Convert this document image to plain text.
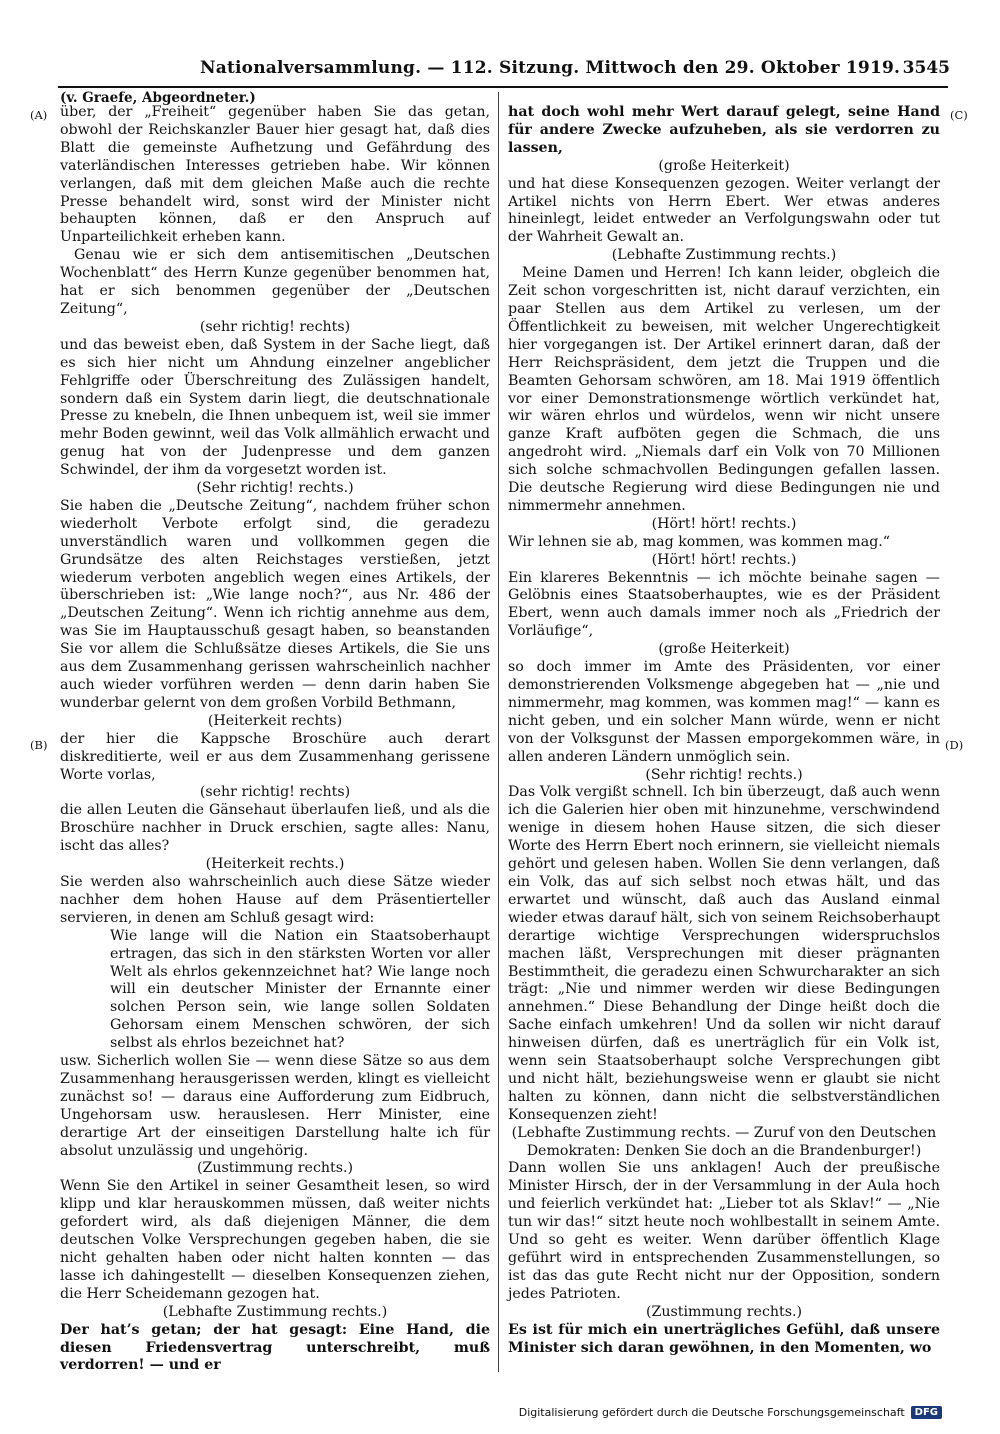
Nationalversammlung. — 112. Sitzung. Mittwoch den 29. Oktober 1919. 3545
(v. Graefe, Abgeordneter.)
(A)
(B)
(C)
(D)

über, der „Freiheit“ gegenüber haben Sie das getan, obwohl der Reichskanzler Bauer hier gesagt hat, daß dies Blatt die gemeinste Aufhetzung und Gefährdung des vaterländischen Interesses getrieben habe. Wir können verlangen, daß mit dem gleichen Maße auch die rechte Presse behandelt wird, sonst wird der Minister nicht behaupten können, daß er den Anspruch auf Unparteilichkeit erheben kann.

Genau wie er sich dem antisemitischen „Deutschen Wochenblatt“ des Herrn Kunze gegenüber benommen hat, hat er sich benommen gegenüber der „Deutschen Zeitung“,

(sehr richtig! rechts)

und das beweist eben, daß System in der Sache liegt, daß es sich hier nicht um Ahndung einzelner angeblicher Fehlgriffe oder Überschreitung des Zulässigen handelt, sondern daß ein System darin liegt, die deutschnationale Presse zu knebeln, die Ihnen unbequem ist, weil sie immer mehr Boden gewinnt, weil das Volk allmählich erwacht und genug hat von der Judenpresse und dem ganzen Schwindel, der ihm da vorgesetzt worden ist.

(Sehr richtig! rechts.)

Sie haben die „Deutsche Zeitung“, nachdem früher schon wiederholt Verbote erfolgt sind, die geradezu unverständlich waren und vollkommen gegen die Grundsätze des alten Reichstages verstießen, jetzt wiederum verboten angeblich wegen eines Artikels, der überschrieben ist: „Wie lange noch?“, aus Nr. 486 der „Deutschen Zeitung“. Wenn ich richtig annehme aus dem, was Sie im Hauptausschuß gesagt haben, so beanstanden Sie vor allem die Schlußsätze dieses Artikels, die Sie uns aus dem Zusammenhang gerissen wahrscheinlich nachher auch wieder vorführen werden — denn darin haben Sie wunderbar gelernt von dem großen Vorbild Bethmann,

(Heiterkeit rechts)

der hier die Kappsche Broschüre auch derart diskreditierte, weil er aus dem Zusammenhang gerissene Worte vorlas,

(sehr richtig! rechts)

die allen Leuten die Gänsehaut überlaufen ließ, und als die Broschüre nachher in Druck erschien, sagte alles: Nanu, ischt das alles?

(Heiterkeit rechts.)

Sie werden also wahrscheinlich auch diese Sätze wieder nachher dem hohen Hause auf dem Präsentierteller servieren, in denen am Schluß gesagt wird:

Wie lange will die Nation ein Staatsoberhaupt ertragen, das sich in den stärksten Worten vor aller Welt als ehrlos gekennzeichnet hat? Wie lange noch will ein deutscher Minister der Ernannte einer solchen Person sein, wie lange sollen Soldaten Gehorsam einem Menschen schwören, der sich selbst als ehrlos bezeichnet hat?

usw. Sicherlich wollen Sie — wenn diese Sätze so aus dem Zusammenhang herausgerissen werden, klingt es vielleicht zunächst so! — daraus eine Aufforderung zum Eidbruch, Ungehorsam usw. herauslesen. Herr Minister, eine derartige Art der einseitigen Darstellung halte ich für absolut unzulässig und ungehörig.

(Zustimmung rechts.)

Wenn Sie den Artikel in seiner Gesamtheit lesen, so wird klipp und klar herauskommen müssen, daß weiter nichts gefordert wird, als daß diejenigen Männer, die dem deutschen Volke Versprechungen gegeben haben, die sie nicht gehalten haben oder nicht halten konnten — das lasse ich dahingestellt — dieselben Konsequenzen ziehen, die Herr Scheidemann gezogen hat.

(Lebhafte Zustimmung rechts.)

Der hat’s getan; der hat gesagt: Eine Hand, die diesen Friedensvertrag unterschreibt, muß verdorren! — und er

hat doch wohl mehr Wert darauf gelegt, seine Hand für andere Zwecke aufzuheben, als sie verdorren zu lassen,

(große Heiterkeit)

und hat diese Konsequenzen gezogen. Weiter verlangt der Artikel nichts von Herrn Ebert. Wer etwas anderes hineinlegt, leidet entweder an Verfolgungswahn oder tut der Wahrheit Gewalt an.

(Lebhafte Zustimmung rechts.)

Meine Damen und Herren! Ich kann leider, obgleich die Zeit schon vorgeschritten ist, nicht darauf verzichten, ein paar Stellen aus dem Artikel zu verlesen, um der Öffentlichkeit zu beweisen, mit welcher Ungerechtigkeit hier vorgegangen ist. Der Artikel erinnert daran, daß der Herr Reichspräsident, dem jetzt die Truppen und die Beamten Gehorsam schwören, am 18. Mai 1919 öffentlich vor einer Demonstrationsmenge wörtlich verkündet hat, wir wären ehrlos und würdelos, wenn wir nicht unsere ganze Kraft aufböten gegen die Schmach, die uns angedroht wird. „Niemals darf ein Volk von 70 Millionen sich solche schmachvollen Bedingungen gefallen lassen. Die deutsche Regierung wird diese Bedingungen nie und nimmermehr annehmen.

(Hört! hört! rechts.)

Wir lehnen sie ab, mag kommen, was kommen mag.“

(Hört! hört! rechts.)

Ein klareres Bekenntnis — ich möchte beinahe sagen — Gelöbnis eines Staatsoberhauptes, wie es der Präsident Ebert, wenn auch damals immer noch als „Friedrich der Vorläufige“,

(große Heiterkeit)

so doch immer im Amte des Präsidenten, vor einer demonstrierenden Volksmenge abgegeben hat — „nie und nimmermehr, mag kommen, was kommen mag!“ — kann es nicht geben, und ein solcher Mann würde, wenn er nicht von der Volksgunst der Massen emporgekommen wäre, in allen anderen Ländern unmöglich sein.

(Sehr richtig! rechts.)

Das Volk vergißt schnell. Ich bin überzeugt, daß auch wenn ich die Galerien hier oben mit hinzunehme, verschwindend wenige in diesem hohen Hause sitzen, die sich dieser Worte des Herrn Ebert noch erinnern, sie vielleicht niemals gehört und gelesen haben. Wollen Sie denn verlangen, daß ein Volk, das auf sich selbst noch etwas hält, und das erwartet und wünscht, daß auch das Ausland einmal wieder etwas darauf hält, sich von seinem Reichsoberhaupt derartige wichtige Versprechungen widerspruchslos machen läßt, Versprechungen mit dieser prägnanten Bestimmtheit, die geradezu einen Schwurcharakter an sich trägt: „Nie und nimmer werden wir diese Bedingungen annehmen.“ Diese Behandlung der Dinge heißt doch die Sache einfach umkehren! Und da sollen wir nicht darauf hinweisen dürfen, daß es unerträglich für ein Volk ist, wenn sein Staatsoberhaupt solche Versprechungen gibt und nicht hält, beziehungsweise wenn er glaubt sie nicht halten zu können, dann nicht die selbstverständlichen Konsequenzen zieht!

(Lebhafte Zustimmung rechts. — Zuruf von den Deutschen Demokraten: Denken Sie doch an die Brandenburger!)

Dann wollen Sie uns anklagen! Auch der preußische Minister Hirsch, der in der Versammlung in der Aula hoch und feierlich verkündet hat: „Lieber tot als Sklav!“ — „Nie tun wir das!“ sitzt heute noch wohlbestallt in seinem Amte. Und so geht es weiter. Wenn darüber öffentlich Klage geführt wird in entsprechenden Zusammenstellungen, so ist das das gute Recht nicht nur der Opposition, sondern jedes Patrioten.

(Zustimmung rechts.)

Es ist für mich ein unerträgliches Gefühl, daß unsere Minister sich daran gewöhnen, in den Momenten, wo

Digitalisierung gefördert durch die Deutsche Forschungsgemeinschaft	DFG
